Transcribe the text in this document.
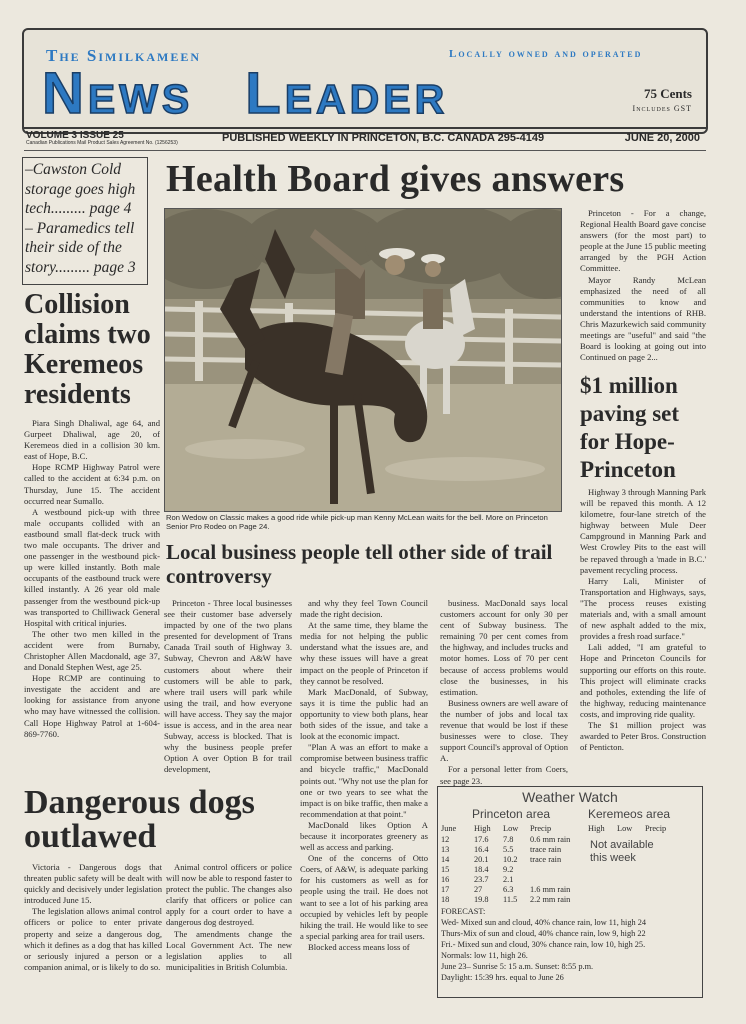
The Similkameen	Locally owned and operated
News Leader	75 Cents
Includes GST
VOLUME 3 ISSUE 25	PUBLISHED WEEKLY IN PRINCETON, B.C. CANADA 295-4149	JUNE 20, 2000
Canadian Publications Mail Product Sales Agreement No. (1256253)
–Cawston Cold
storage goes high
tech......... page 4
– Paramedics tell
their side of the
story......... page 3
Health Board gives answers
Ron Wedow on Classic makes a good ride while pick-up man Kenny McLean waits for the bell. More on Princeton Senior Pro Rodeo on Page 24.
Collision claims two Keremeos residents

Piara Singh Dhaliwal, age 64, and Gurpeet Dhaliwal, age 20, of Keremeos died in a collision 30 km. east of Hope, B.C.

Hope RCMP Highway Patrol were called to the accident at 6:34 p.m. on Thursday, June 15. The accident occurred near Sumallo.

A westbound pick-up with three male occupants collided with an eastbound small flat-deck truck with two male occupants. The driver and one passenger in the westbound pick-up were killed instantly. Both male occupants of the eastbound truck were killed instantly. A 26 year old male passenger from the westbound pick-up was transported to Chilliwack General Hospital with critical injuries.

The other two men killed in the accident were from Burnaby, Christopher Allen Macdonald, age 37, and Donald Stephen West, age 25.

Hope RCMP are continuing to investigate the accident and are looking for assistance from anyone who may have witnessed the collision. Call Hope Highway Patrol at 1-604-869-7760.

Princeton - For a change, Regional Health Board gave concise answers (for the most part) to people at the June 15 public meeting arranged by the PGH Action Committee.

Mayor Randy McLean emphasized the need of all communities to know and understand the intentions of RHB. Chris Mazurkewich said community meetings are "useful" and said "the Board is looking at going out into Continued on page 2...

$1 million paving set for Hope-Princeton

Highway 3 through Manning Park will be repaved this month. A 12 kilometre, four-lane stretch of the highway between Mule Deer Campground in Manning Park and West Crowley Pits to the east will be repaved through a 'made in B.C.' pavement recycling process.

Harry Lali, Minister of Transportation and Highways, says, "The process reuses existing materials and, with a small amount of new asphalt added to the mix, provides a fresh road surface."

Lali added, "I am grateful to Hope and Princeton Councils for supporting our efforts on this route. This project will eliminate cracks and potholes, extending the life of the highway, reducing maintenance costs, and improving ride quality.

The $1 million project was awarded to Peter Bros. Construction of Penticton.

Local business people tell other side of trail controversy

Princeton - Three local businesses see their customer base adversely impacted by one of the two plans presented for development of Trans Canada Trail south of Highway 3. Subway, Chevron and A&W have customers about where their customers will be able to park, where trail users will park while using the trail, and how everyone will have access. They say the major issue is access, and in the area near Subway, access is blocked. That is why the business people prefer Option A over Option B for trail development,

and why they feel Town Council made the right decision.

At the same time, they blame the media for not helping the public understand what the issues are, and why these issues will have a great impact on the people of Princeton if they cannot be resolved.

Mark MacDonald, of Subway, says it is time the public had an opportunity to view both plans, hear both sides of the issue, and take a look at the economic impact.

"Plan A was an effort to make a compromise between business traffic and bicycle traffic," MacDonald points out. "Why not use the plan for one or two years to see what the impact is on bike traffic, then make a recommendation at that point."

MacDonald likes Option A because it incorporates greenery as well as access and parking.

One of the concerns of Otto Coers, of A&W, is adequate parking for his customers as well as for people using the trail. He does not want to see a lot of his parking area occupied by vehicles left by people hiking the trail. He would like to see a special parking area for trail users.

Blocked access means loss of

business. MacDonald says local customers account for only 30 per cent of Subway business. The remaining 70 per cent comes from the highway, and includes trucks and motor homes. Loss of 70 per cent because of access problems would close the businesses, in his estimation.

Business owners are well aware of the number of jobs and local tax revenue that would be lost if these businesses were to close. They support Council's approval of Option A.

For a personal letter from Coers, see page 23.

Dangerous dogs outlawed

Victoria - Dangerous dogs that threaten public safety will be dealt with quickly and decisively under legislation introduced June 15.

The legislation allows animal control officers or police to enter private property and seize a dangerous dog, which it defines as a dog that has killed or seriously injured a person or a companion animal, or is likely to do so.

Animal control officers or police will now be able to respond faster to protect the public. The changes also clarify that officers or police can apply for a court order to have a dangerous dog destroyed.

The amendments change the Local Government Act. The new legislation applies to all municipalities in British Columbia.

Weather Watch
Princeton area	Keremeos area
June High Low Precip	High Low Precip
12	17.6 7.8 0.6 mm rain
13	16.4 5.5 trace rain
14	20.1 10.2 trace rain
15	18.4 9.2
16	23.7 2.1
17	27 6.3 1.6 mm rain
18	19.8 11.5 2.2 mm rain
Not available this week
FORECAST:
Wed- Mixed sun and cloud, 40% chance rain, low 11, high 24
Thurs-Mix of sun and cloud, 40% chance rain, low 9, high 22
Fri.- Mixed sun and cloud, 30% chance rain, low 10, high 25.
Normals: low 11, high 26.
June 23– Sunrise 5: 15 a.m. Sunset: 8:55 p.m.
Daylight: 15:39 hrs. equal to June 26
